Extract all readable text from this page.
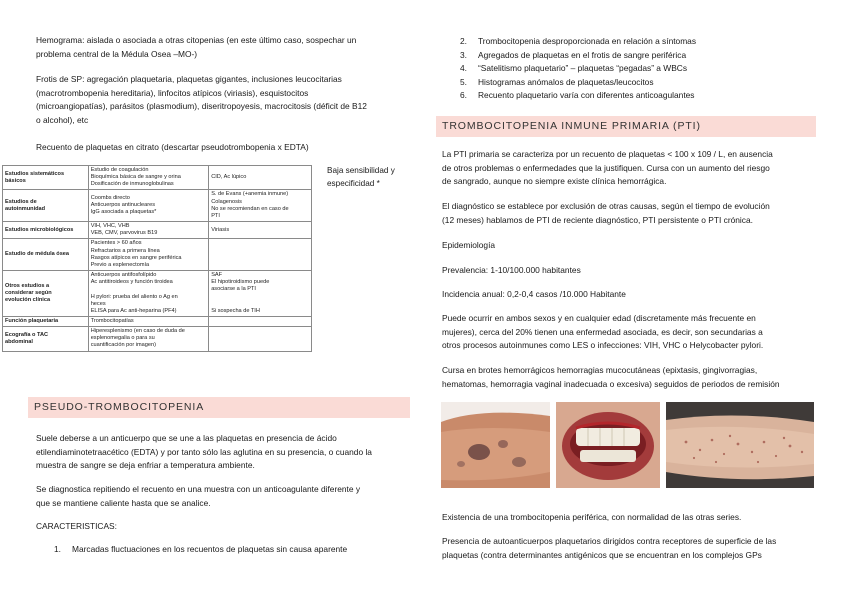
Hemograma: aislada o asociada a otras citopenias (en este último caso, sospechar un
problema central de la Médula Osea –MO-)

Frotis de SP: agregación plaquetaria, plaquetas gigantes, inclusiones leucocitarias
(macrotrombopenia hereditaria), linfocitos atípicos (viriasis), esquistocitos
(microangiopatías), parásitos (plasmodium), diseritropoyesis, macrocitosis (déficit de B12
o alcohol), etc

Recuento de plaquetas en citrato (descartar pseudotrombopenia x EDTA)

Estudios sistemáticos
básicos	Estudio de coagulación
Bioquímica básica de sangre y orina
Dosificación de inmunoglobulinas	CID, Ac lúpico

Estudios de
autoinmunidad	Coombs directo
Anticuerpos antinucleares
IgG asociada a plaquetas*	S. de Evans (+anemia inmune)
Colagenosis
No se recomiendan en caso de
PTI

Estudios microbiológicos	VIH, VHC, VHB
VEB, CMV, parvovirus B19	Viriasis

Estudio de médula ósea	Pacientes > 60 años
Refractarios a primera línea
Rasgos atípicos en sangre periférica
Previo a esplenectomía	

Otros estudios a
considerar según
evolución clínica	Anticuerpos antifosfolípido
Ac antitiroideos y función tiroidea

H pylori: prueba del aliento o Ag en
heces
ELISA para Ac anti-heparina (PF4)	SAF
El hipotiroidismo puede
asociarse a la PTI

Si sospecha de TIH

Función plaquetaria	Trombocitopatías	

Ecografía o TAC
abdominal	Hiperesplenismo (en caso de duda de
esplenomegalia o para su
cuantificación por imagen)	

Baja sensibilidad y
especificidad *

PSEUDO-TROMBOCITOPENIA

Suele deberse a un anticuerpo que se une a las plaquetas en presencia de ácido
etilendiaminotetraacético (EDTA) y por tanto sólo las aglutina en su presencia, o cuando la
muestra de sangre se deja enfriar a temperatura ambiente.

Se diagnostica repitiendo el recuento en una muestra con un anticoagulante diferente y
que se mantiene caliente hasta que se analice.

CARACTERISTICAS:

1. Marcadas fluctuaciones en los recuentos de plaquetas sin causa aparente
2. Trombocitopenia desproporcionada en relación a síntomas
3. Agregados de plaquetas en el frotis de sangre periférica
4. “Satelitismo plaquetario” – plaquetas “pegadas” a WBCs
5. Histogramas anómalos de plaquetas/leucocitos
6. Recuento plaquetario varía con diferentes anticoagulantes
TROMBOCITOPENIA INMUNE PRIMARIA (PTI)

La PTI primaria se caracteriza por un recuento de plaquetas < 100 x 109 / L, en ausencia
de otros problemas o enfermedades que la justifiquen. Cursa con un aumento del riesgo
de sangrado, aunque no siempre existe clínica hemorrágica.

El diagnóstico se establece por exclusión de otras causas, según el tiempo de evolución
(12 meses) hablamos de PTI de reciente diagnóstico, PTI persistente o PTI crónica.

Epidemiología

Prevalencia: 1-10/100.000 habitantes

Incidencia anual: 0,2-0,4 casos /10.000 Habitante

Puede ocurrir en ambos sexos y en cualquier edad (discretamente más frecuente en
mujeres), cerca del 20% tienen una enfermedad asociada, es decir, son secundarias a
otros procesos autoinmunes como LES o infecciones: VIH, VHC o Helycobacter pylori.

Cursa en brotes hemorrágicos hemorragias mucocutáneas (epixtasis, gingivorragias,
hematomas, hemorragia vaginal inadecuada o excesiva) seguidos de periodos de remisión

Existencia de una trombocitopenia periférica, con normalidad de las otras series.

Presencia de autoanticuerpos plaquetarios dirigidos contra receptores de superficie de las
plaquetas (contra determinantes antigénicos que se encuentran en los complejos GPs
